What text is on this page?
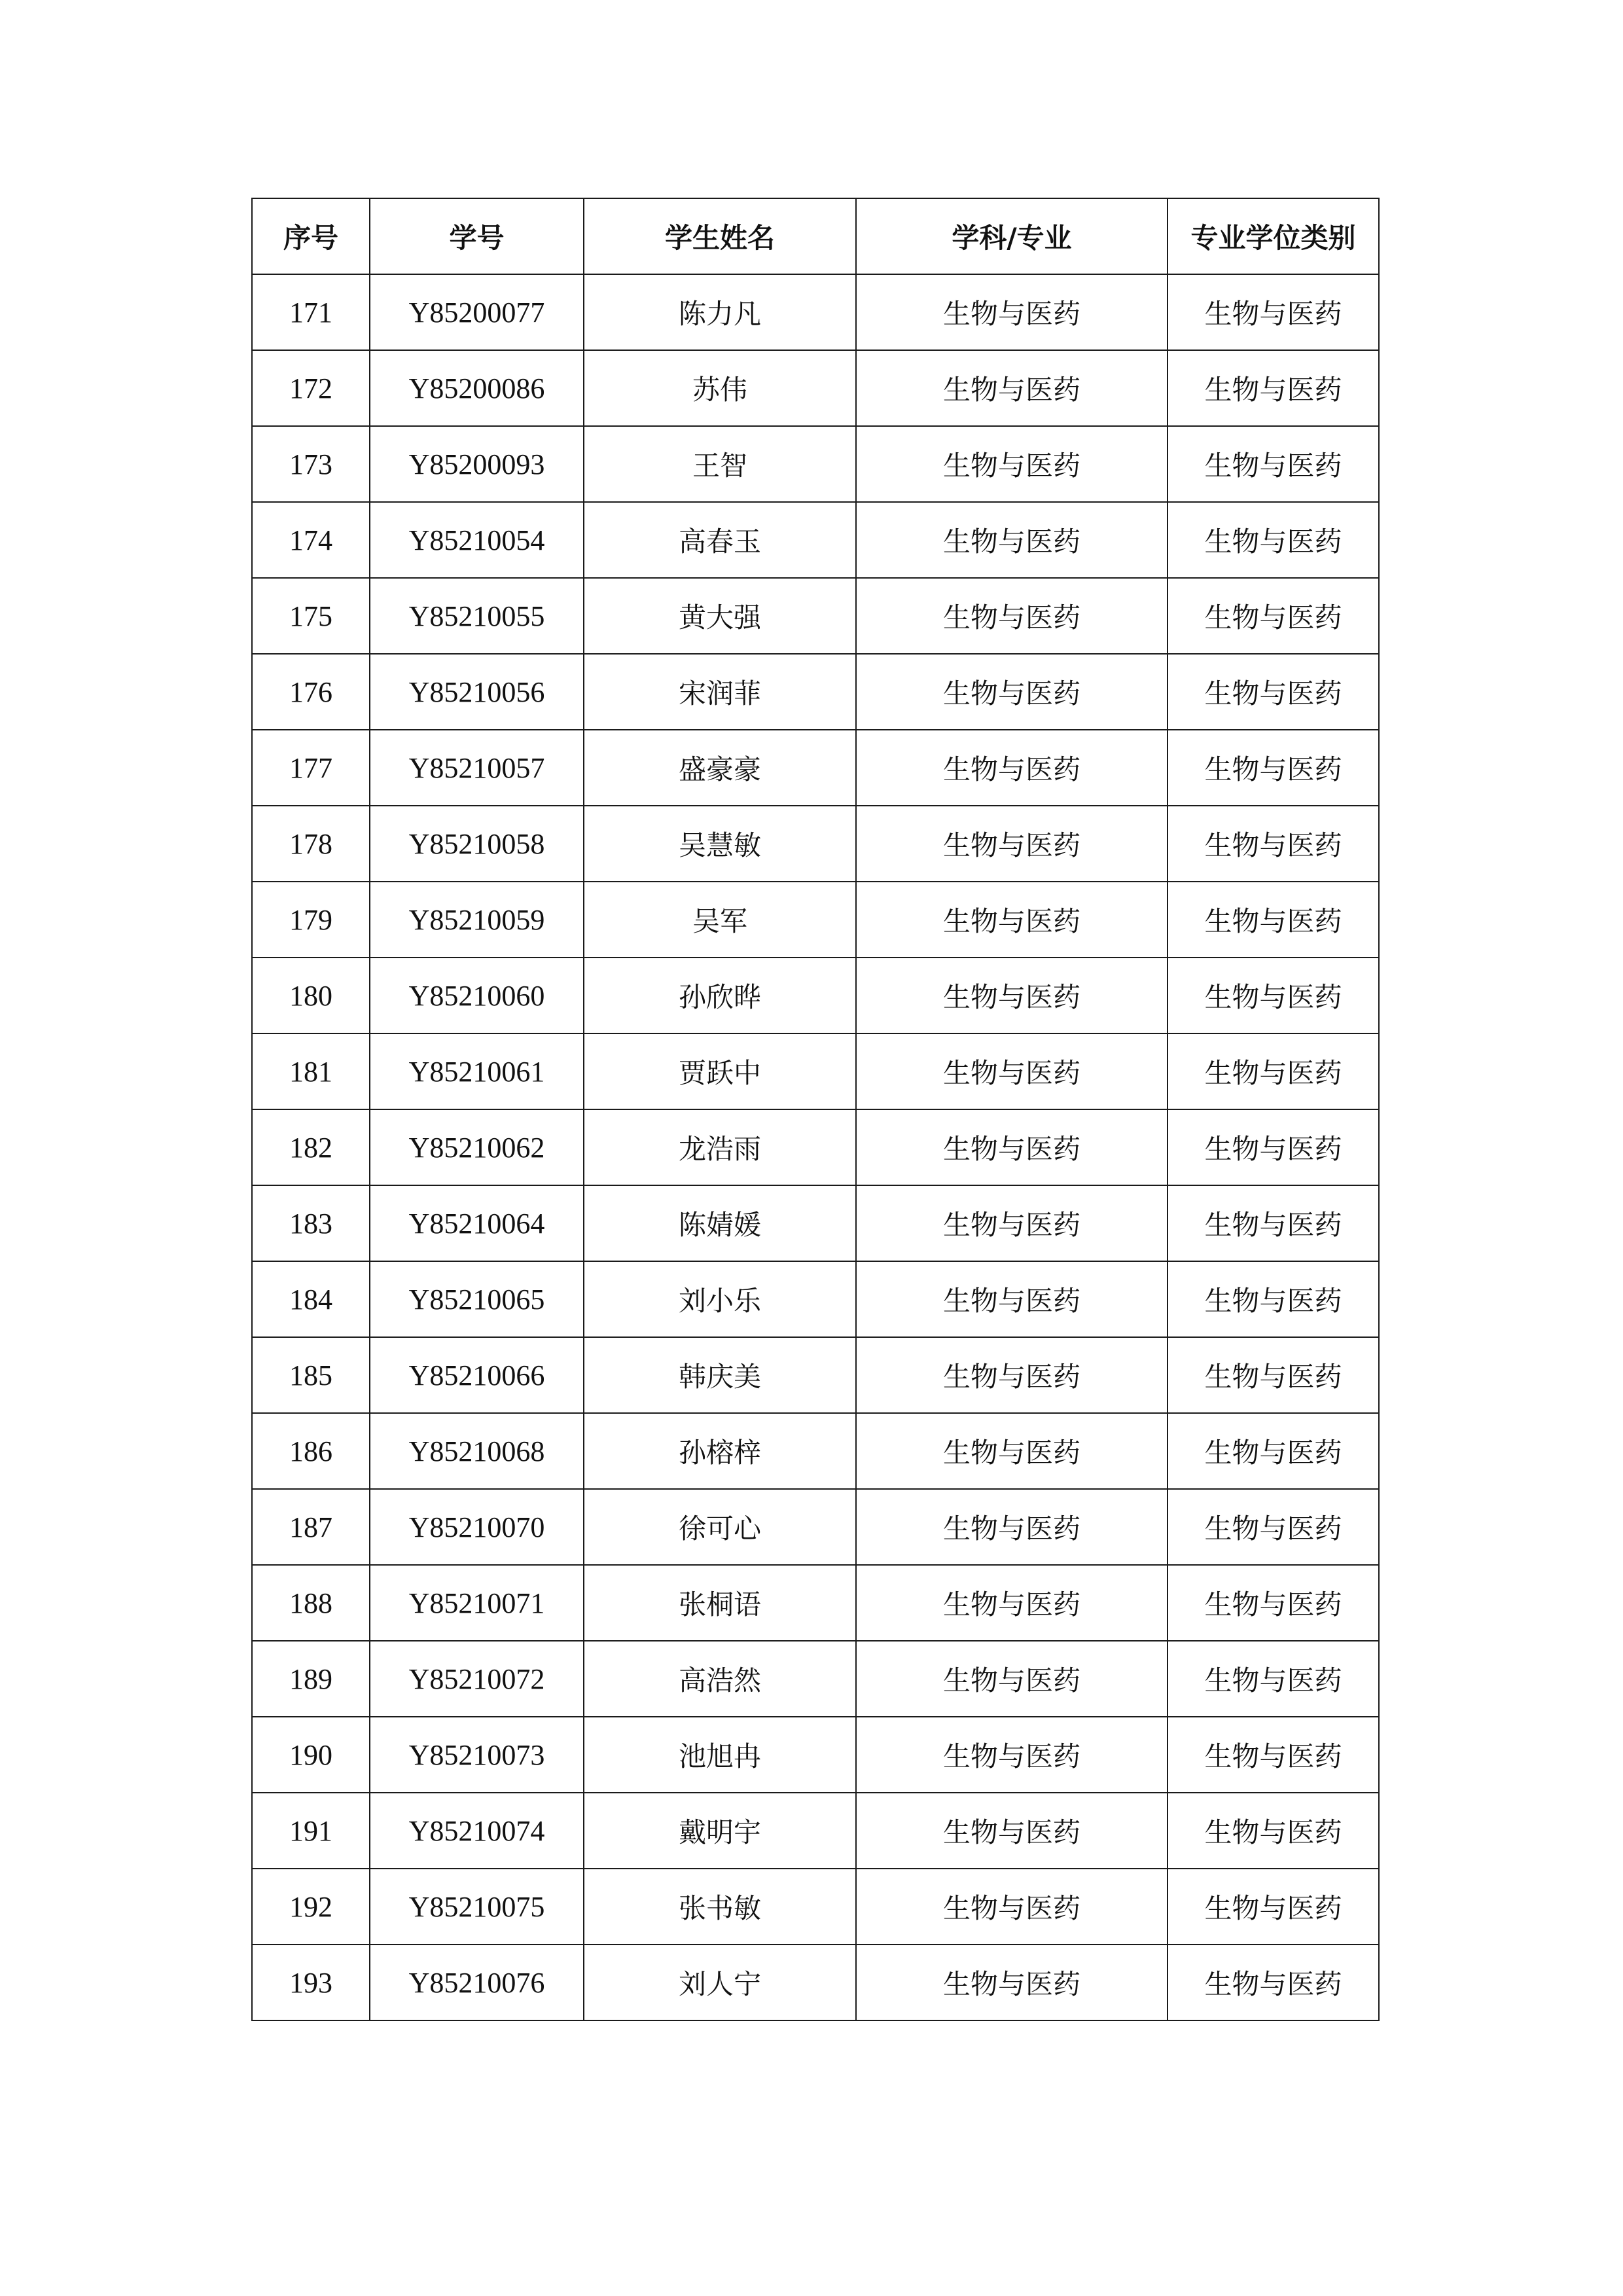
序号	学号	学生姓名	学科/专业	专业学位类别
171	Y85200077	陈力凡	生物与医药	生物与医药
172	Y85200086	苏伟	生物与医药	生物与医药
173	Y85200093	王智	生物与医药	生物与医药
174	Y85210054	高春玉	生物与医药	生物与医药
175	Y85210055	黄大强	生物与医药	生物与医药
176	Y85210056	宋润菲	生物与医药	生物与医药
177	Y85210057	盛豪豪	生物与医药	生物与医药
178	Y85210058	吴慧敏	生物与医药	生物与医药
179	Y85210059	吴军	生物与医药	生物与医药
180	Y85210060	孙欣晔	生物与医药	生物与医药
181	Y85210061	贾跃中	生物与医药	生物与医药
182	Y85210062	龙浩雨	生物与医药	生物与医药
183	Y85210064	陈婧媛	生物与医药	生物与医药
184	Y85210065	刘小乐	生物与医药	生物与医药
185	Y85210066	韩庆美	生物与医药	生物与医药
186	Y85210068	孙榕梓	生物与医药	生物与医药
187	Y85210070	徐可心	生物与医药	生物与医药
188	Y85210071	张桐语	生物与医药	生物与医药
189	Y85210072	高浩然	生物与医药	生物与医药
190	Y85210073	池旭冉	生物与医药	生物与医药
191	Y85210074	戴明宇	生物与医药	生物与医药
192	Y85210075	张书敏	生物与医药	生物与医药
193	Y85210076	刘人宁	生物与医药	生物与医药
